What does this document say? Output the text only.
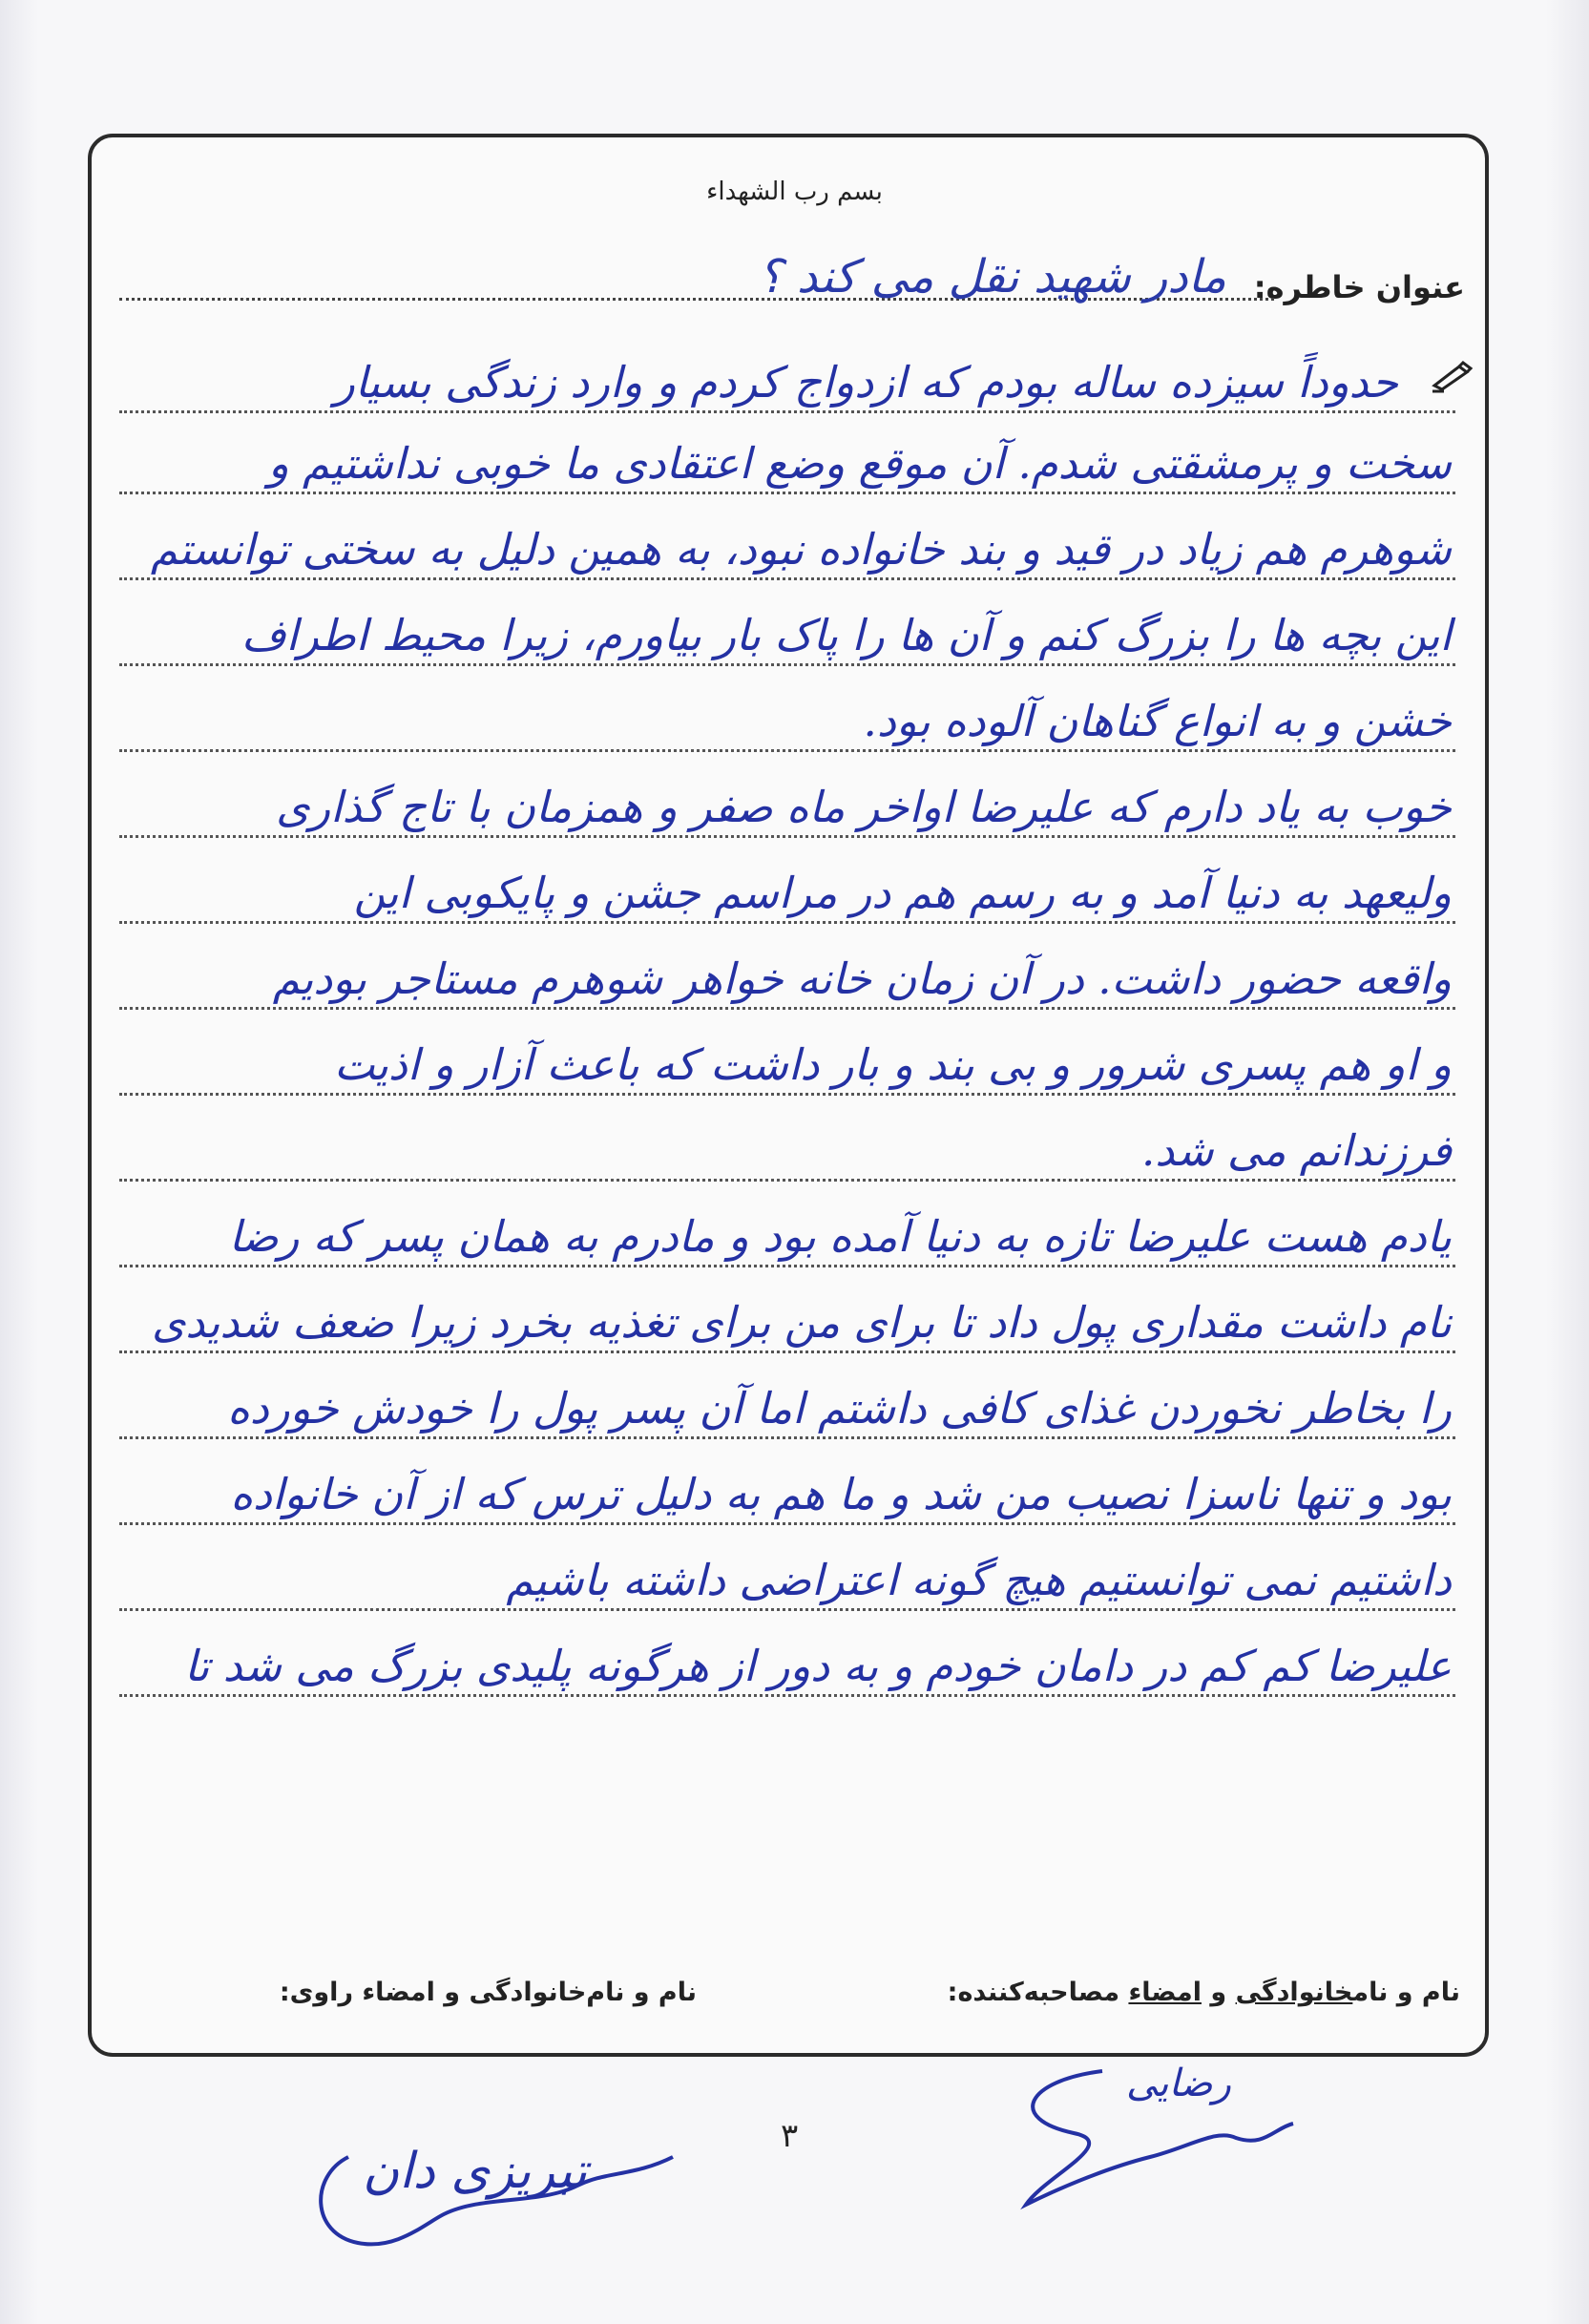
بسم رب الشهداء
عنوان خاطره:
مادر شهید نقل می کند ؟
حدوداً سیزده ساله بودم که ازدواج کردم و وارد زندگی بسیار
سخت و پرمشقتی شدم. آن موقع وضع اعتقادی ما خوبی نداشتیم و
شوهرم هم زیاد در قید و بند خانواده نبود، به همین دلیل به سختی توانستم
این بچه ها را بزرگ کنم و آن ها را پاک بار بیاورم، زیرا محیط اطراف
خشن و به انواع گناهان آلوده بود.
خوب به یاد دارم که علیرضا اواخر ماه صفر و همزمان با تاج گذاری
ولیعهد به دنیا آمد و به رسم هم در مراسم جشن و پایکوبی این
واقعه حضور داشت. در آن زمان خانه خواهر شوهرم مستاجر بودیم
و او هم پسری شرور و بی بند و بار داشت که باعث آزار و اذیت
فرزندانم می شد.
یادم هست علیرضا تازه به دنیا آمده بود و مادرم به همان پسر که رضا
نام داشت مقداری پول داد تا برای من برای تغذیه بخرد زیرا ضعف شدیدی
را بخاطر نخوردن غذای کافی داشتم اما آن پسر پول را خودش خورده
بود و تنها ناسزا نصیب من شد و ما هم به دلیل ترس که از آن خانواده
داشتیم نمی توانستیم هیچ گونه اعتراضی داشته باشیم
علیرضا کم کم در دامان خودم و به دور از هرگونه پلیدی بزرگ می شد تا
نام و نامخانوادگی و امضاء مصاحبه‌کننده:
نام و نام‌خانوادگی و امضاء راوی:
۳
رضایی
تبریزی دان
